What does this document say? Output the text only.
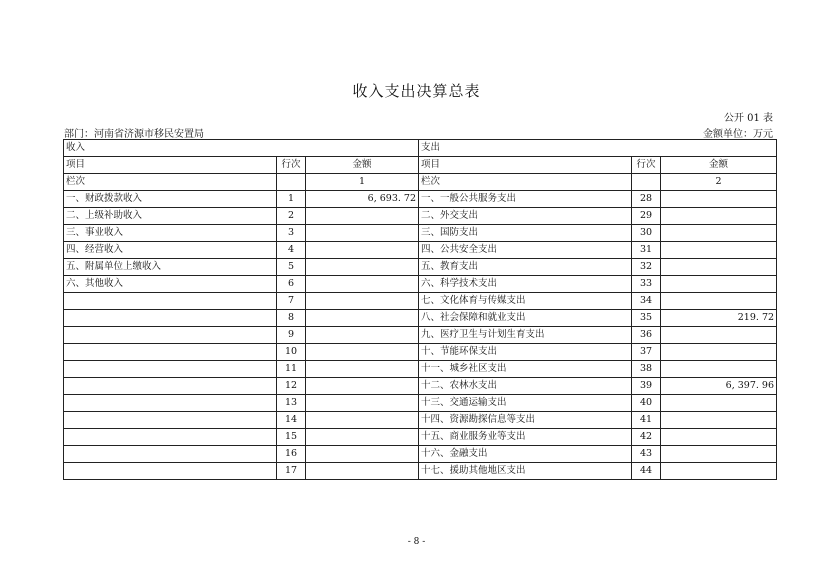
收入支出决算总表
公开 01 表
部门：河南省济源市移民安置局	金额单位：万元
收入			支出		
项目	行次	金额	项目	行次	金额
栏次		1	栏次		2
一、财政拨款收入	1	6, 693. 72	一、一般公共服务支出	28	
二、上级补助收入	2		二、外交支出	29	
三、事业收入	3		三、国防支出	30	
四、经营收入	4		四、公共安全支出	31	
五、附属单位上缴收入	5		五、教育支出	32	
六、其他收入	6		六、科学技术支出	33	
	7		七、文化体育与传媒支出	34	
	8		八、社会保障和就业支出	35	219. 72
	9		九、医疗卫生与计划生育支出	36	
	10		十、节能环保支出	37	
	11		十一、城乡社区支出	38	
	12		十二、农林水支出	39	6, 397. 96
	13		十三、交通运输支出	40	
	14		十四、资源勘探信息等支出	41	
	15		十五、商业服务业等支出	42	
	16		十六、金融支出	43	
	17		十七、援助其他地区支出	44	
- 8 -
